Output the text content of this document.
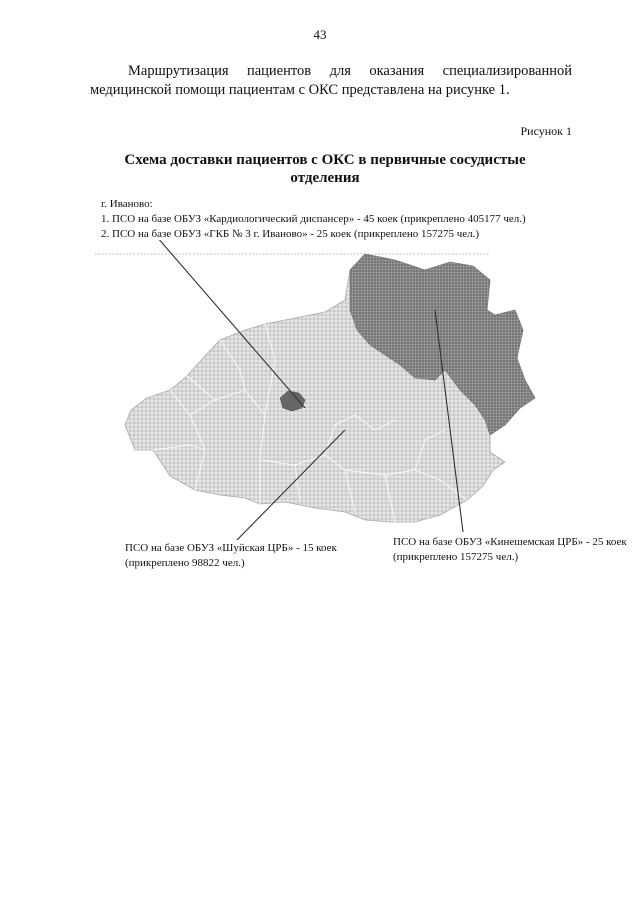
43

Маршрутизация пациентов для оказания специализированной медицинской помощи пациентам с ОКС представлена на рисунке 1.

Рисунок 1

Схема доставки пациентов с ОКС в первичные сосудистые отделения

г. Иваново:
1. ПСО на базе ОБУЗ «Кардиологический диспансер» - 45 коек (прикреплено 405177 чел.)
2. ПСО на базе ОБУЗ «ГКБ № 3 г. Иваново» - 25 коек (прикреплено 157275 чел.)
ПСО на базе ОБУЗ «Шуйская ЦРБ» - 15 коек (прикреплено 98822 чел.)
ПСО на базе ОБУЗ «Кинешемская ЦРБ» - 25 коек (прикреплено 157275 чел.)
